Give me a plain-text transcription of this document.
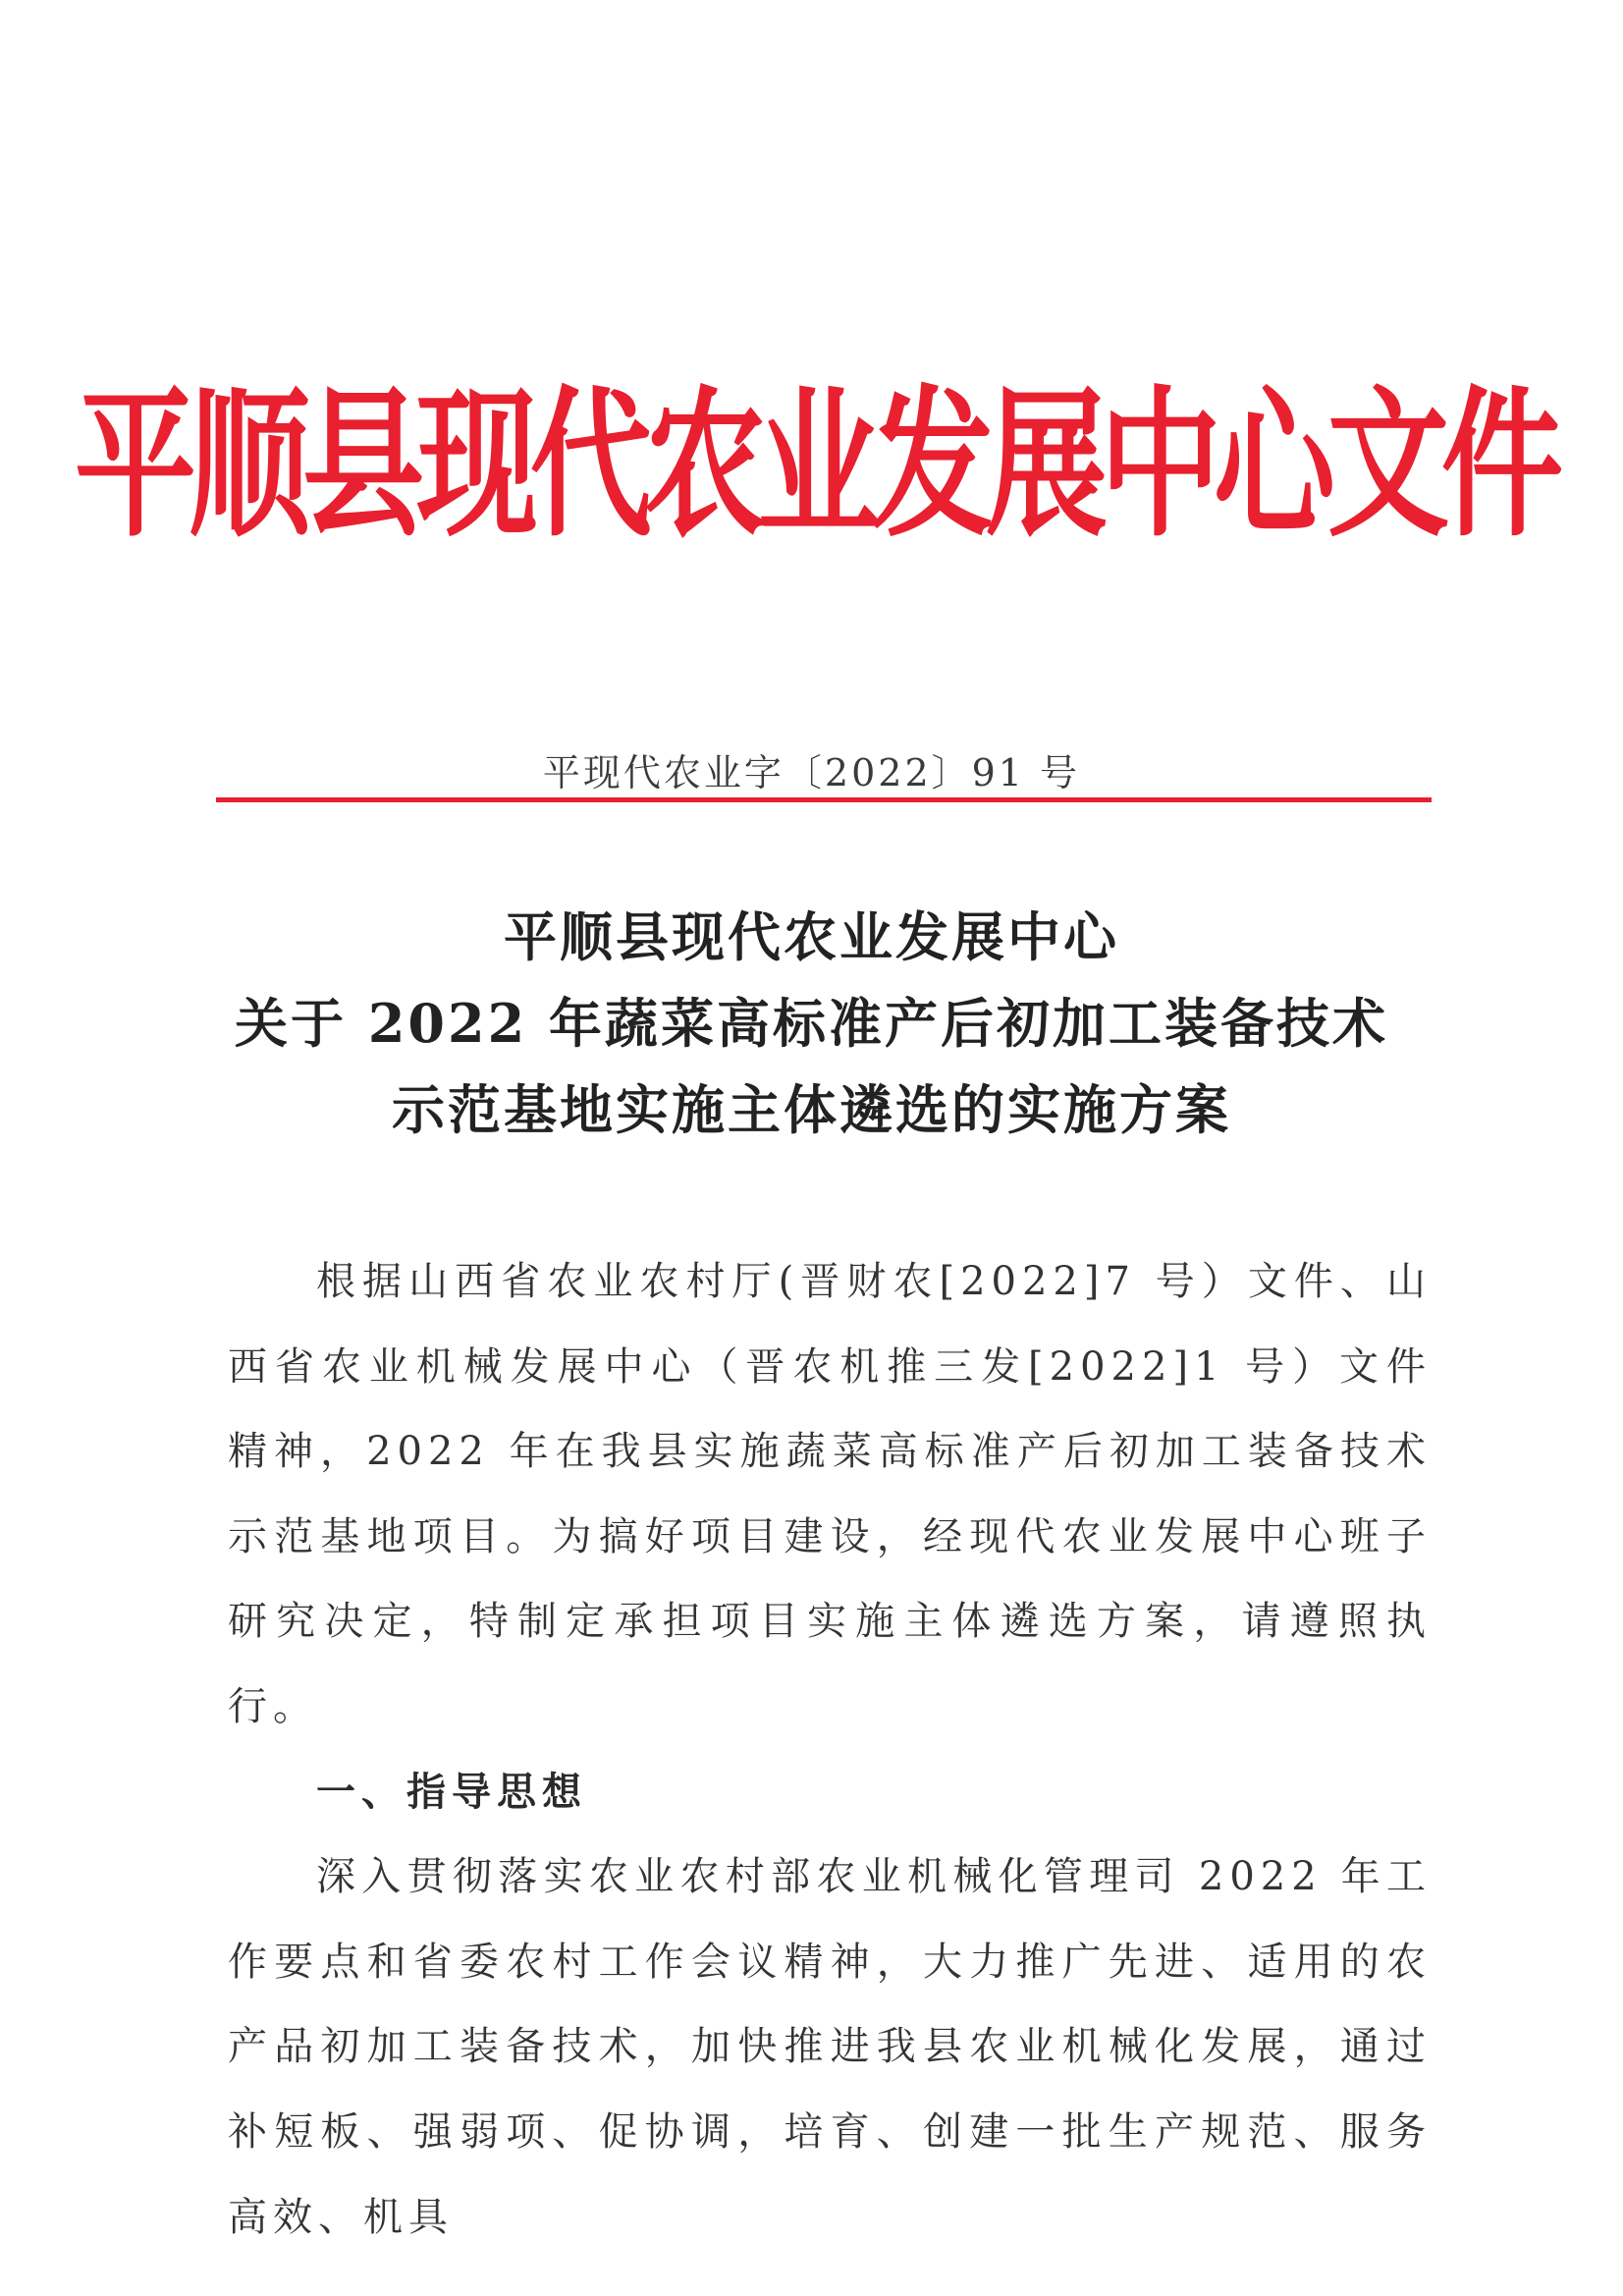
平顺县现代农业发展中心文件
平现代农业字〔2022〕91 号
平顺县现代农业发展中心
关于 2022 年蔬菜高标准产后初加工装备技术
示范基地实施主体遴选的实施方案

根据山西省农业农村厅(晋财农[2022]7 号）文件、山西省农业机械发展中心（晋农机推三发[2022]1 号）文件精神，2022 年在我县实施蔬菜高标准产后初加工装备技术示范基地项目。为搞好项目建设，经现代农业发展中心班子研究决定，特制定承担项目实施主体遴选方案，请遵照执行。

一、指导思想

深入贯彻落实农业农村部农业机械化管理司 2022 年工作要点和省委农村工作会议精神，大力推广先进、适用的农产品初加工装备技术，加快推进我县农业机械化发展，通过补短板、强弱项、促协调，培育、创建一批生产规范、服务高效、机具
